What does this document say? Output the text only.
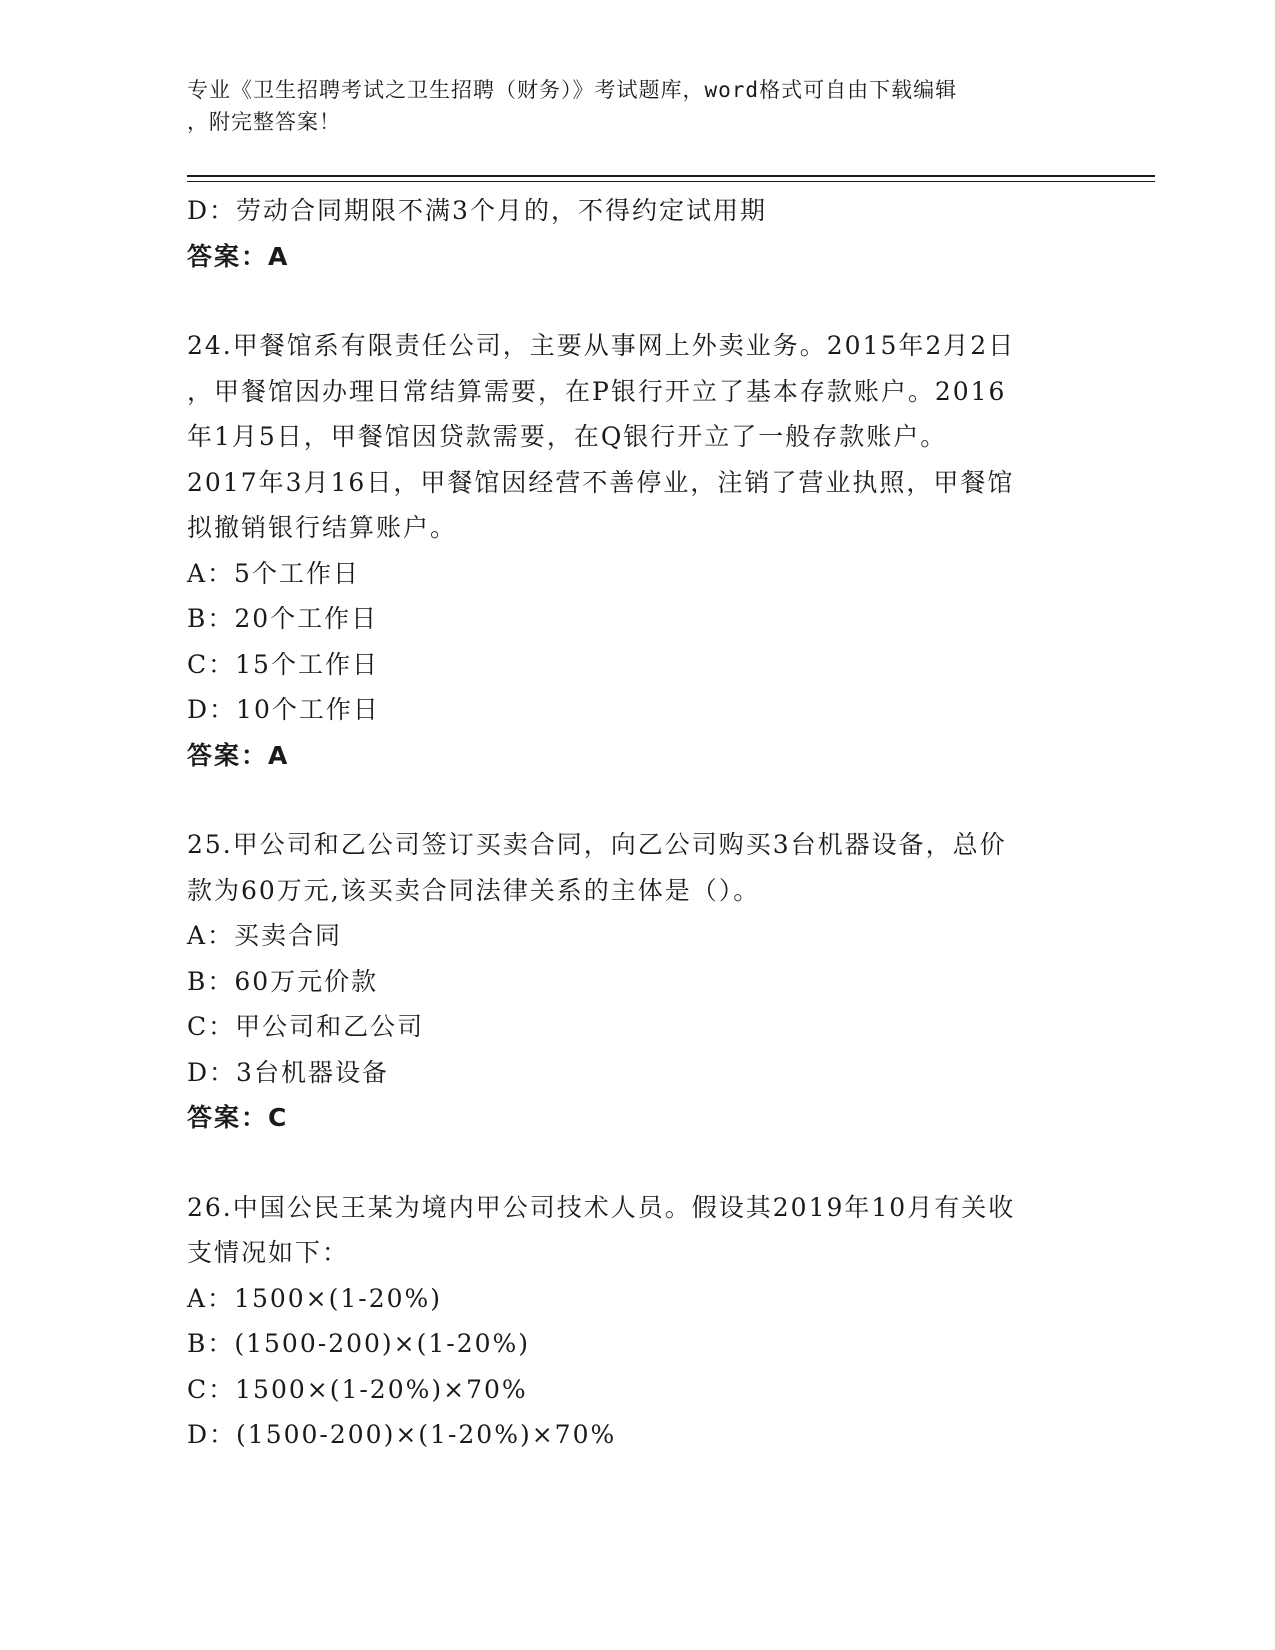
专业《卫生招聘考试之卫生招聘（财务）》考试题库，word格式可自由下载编辑
，附完整答案！
D：劳动合同期限不满3个月的，不得约定试用期
答案：A
24.甲餐馆系有限责任公司，主要从事网上外卖业务。2015年2月2日
，甲餐馆因办理日常结算需要，在P银行开立了基本存款账户。2016
年1月5日，甲餐馆因贷款需要，在Q银行开立了一般存款账户。
2017年3月16日，甲餐馆因经营不善停业，注销了营业执照，甲餐馆
拟撤销银行结算账户。
A：5个工作日
B：20个工作日
C：15个工作日
D：10个工作日
答案：A
25.甲公司和乙公司签订买卖合同，向乙公司购买3台机器设备，总价
款为60万元,该买卖合同法律关系的主体是（）。
A：买卖合同
B：60万元价款
C：甲公司和乙公司
D：3台机器设备
答案：C
26.中国公民王某为境内甲公司技术人员。假设其2019年10月有关收
支情况如下：
A：1500×(1-20%)
B：(1500-200)×(1-20%)
C：1500×(1-20%)×70%
D：(1500-200)×(1-20%)×70%
